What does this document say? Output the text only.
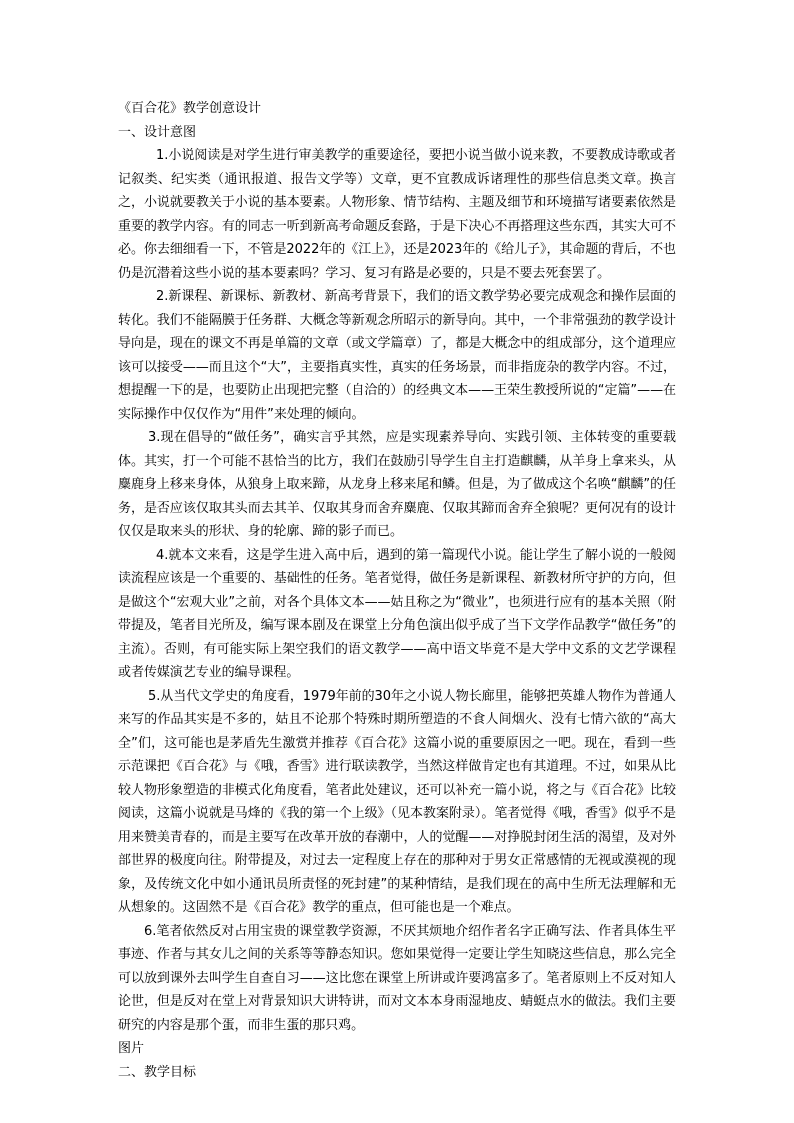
《百合花》教学创意设计
一、设计意图
1.小说阅读是对学生进行审美教学的重要途径，要把小说当做小说来教，不要教成诗歌或者记叙类、纪实类（通讯报道、报告文学等）文章，更不宜教成诉诸理性的那些信息类文章。换言之，小说就要教关于小说的基本要素。人物形象、情节结构、主题及细节和环境描写诸要素依然是重要的教学内容。有的同志一听到新高考命题反套路，于是下决心不再搭理这些东西，其实大可不必。你去细细看一下，不管是2022年的《江上》，还是2023年的《给儿子》，其命题的背后，不也仍是沉潜着这些小说的基本要素吗？学习、复习有路是必要的，只是不要去死套罢了。
2.新课程、新课标、新教材、新高考背景下，我们的语文教学势必要完成观念和操作层面的转化。我们不能隔膜于任务群、大概念等新观念所昭示的新导向。其中，一个非常强劲的教学设计导向是，现在的课文不再是单篇的文章（或文学篇章）了，都是大概念中的组成部分，这个道理应该可以接受——而且这个“大”，主要指真实性，真实的任务场景，而非指庞杂的教学内容。不过，想提醒一下的是，也要防止出现把完整（自洽的）的经典文本——王荣生教授所说的“定篇”——在实际操作中仅仅作为“用件”来处理的倾向。
3.现在倡导的“做任务”，确实言乎其然，应是实现素养导向、实践引领、主体转变的重要载体。其实，打一个可能不甚恰当的比方，我们在鼓励引导学生自主打造麒麟，从羊身上拿来头，从麋鹿身上移来身体，从狼身上取来蹄，从龙身上移来尾和鳞。但是，为了做成这个名唤“麒麟”的任务，是否应该仅取其头而去其羊、仅取其身而舍弃麋鹿、仅取其蹄而舍弃全狼呢？更何况有的设计仅仅是取来头的形状、身的轮廓、蹄的影子而已。
4.就本文来看，这是学生进入高中后，遇到的第一篇现代小说。能让学生了解小说的一般阅读流程应该是一个重要的、基础性的任务。笔者觉得，做任务是新课程、新教材所守护的方向，但是做这个“宏观大业”之前，对各个具体文本——姑且称之为“微业”，也须进行应有的基本关照（附带提及，笔者目光所及，编写课本剧及在课堂上分角色演出似乎成了当下文学作品教学“做任务”的主流）。否则，有可能实际上架空我们的语文教学——高中语文毕竟不是大学中文系的文艺学课程或者传媒演艺专业的编导课程。
5.从当代文学史的角度看，1979年前的30年之小说人物长廊里，能够把英雄人物作为普通人来写的作品其实是不多的，姑且不论那个特殊时期所塑造的不食人间烟火、没有七情六欲的“高大全”们，这可能也是茅盾先生激赏并推荐《百合花》这篇小说的重要原因之一吧。现在，看到一些示范课把《百合花》与《哦，香雪》进行联读教学，当然这样做肯定也有其道理。不过，如果从比较人物形象塑造的非模式化角度看，笔者此处建议，还可以补充一篇小说，将之与《百合花》比较阅读，这篇小说就是马烽的《我的第一个上级》（见本教案附录）。笔者觉得《哦，香雪》似乎不是用来赞美青春的，而是主要写在改革开放的春潮中，人的觉醒——对挣脱封闭生活的渴望，及对外部世界的极度向往。附带提及，对过去一定程度上存在的那种对于男女正常感情的无视或漠视的现象，及传统文化中如小通讯员所责怪的死封建”的某种情结，是我们现在的高中生所无法理解和无从想象的。这固然不是《百合花》教学的重点，但可能也是一个难点。
6.笔者依然反对占用宝贵的课堂教学资源，不厌其烦地介绍作者名字正确写法、作者具体生平事迹、作者与其女儿之间的关系等等静态知识。您如果觉得一定要让学生知晓这些信息，那么完全可以放到课外去叫学生自查自习——这比您在课堂上所讲或许要鸿富多了。笔者原则上不反对知人论世，但是反对在堂上对背景知识大讲特讲，而对文本本身雨湿地皮、蜻蜓点水的做法。我们主要研究的内容是那个蛋，而非生蛋的那只鸡。
图片
二、教学目标
